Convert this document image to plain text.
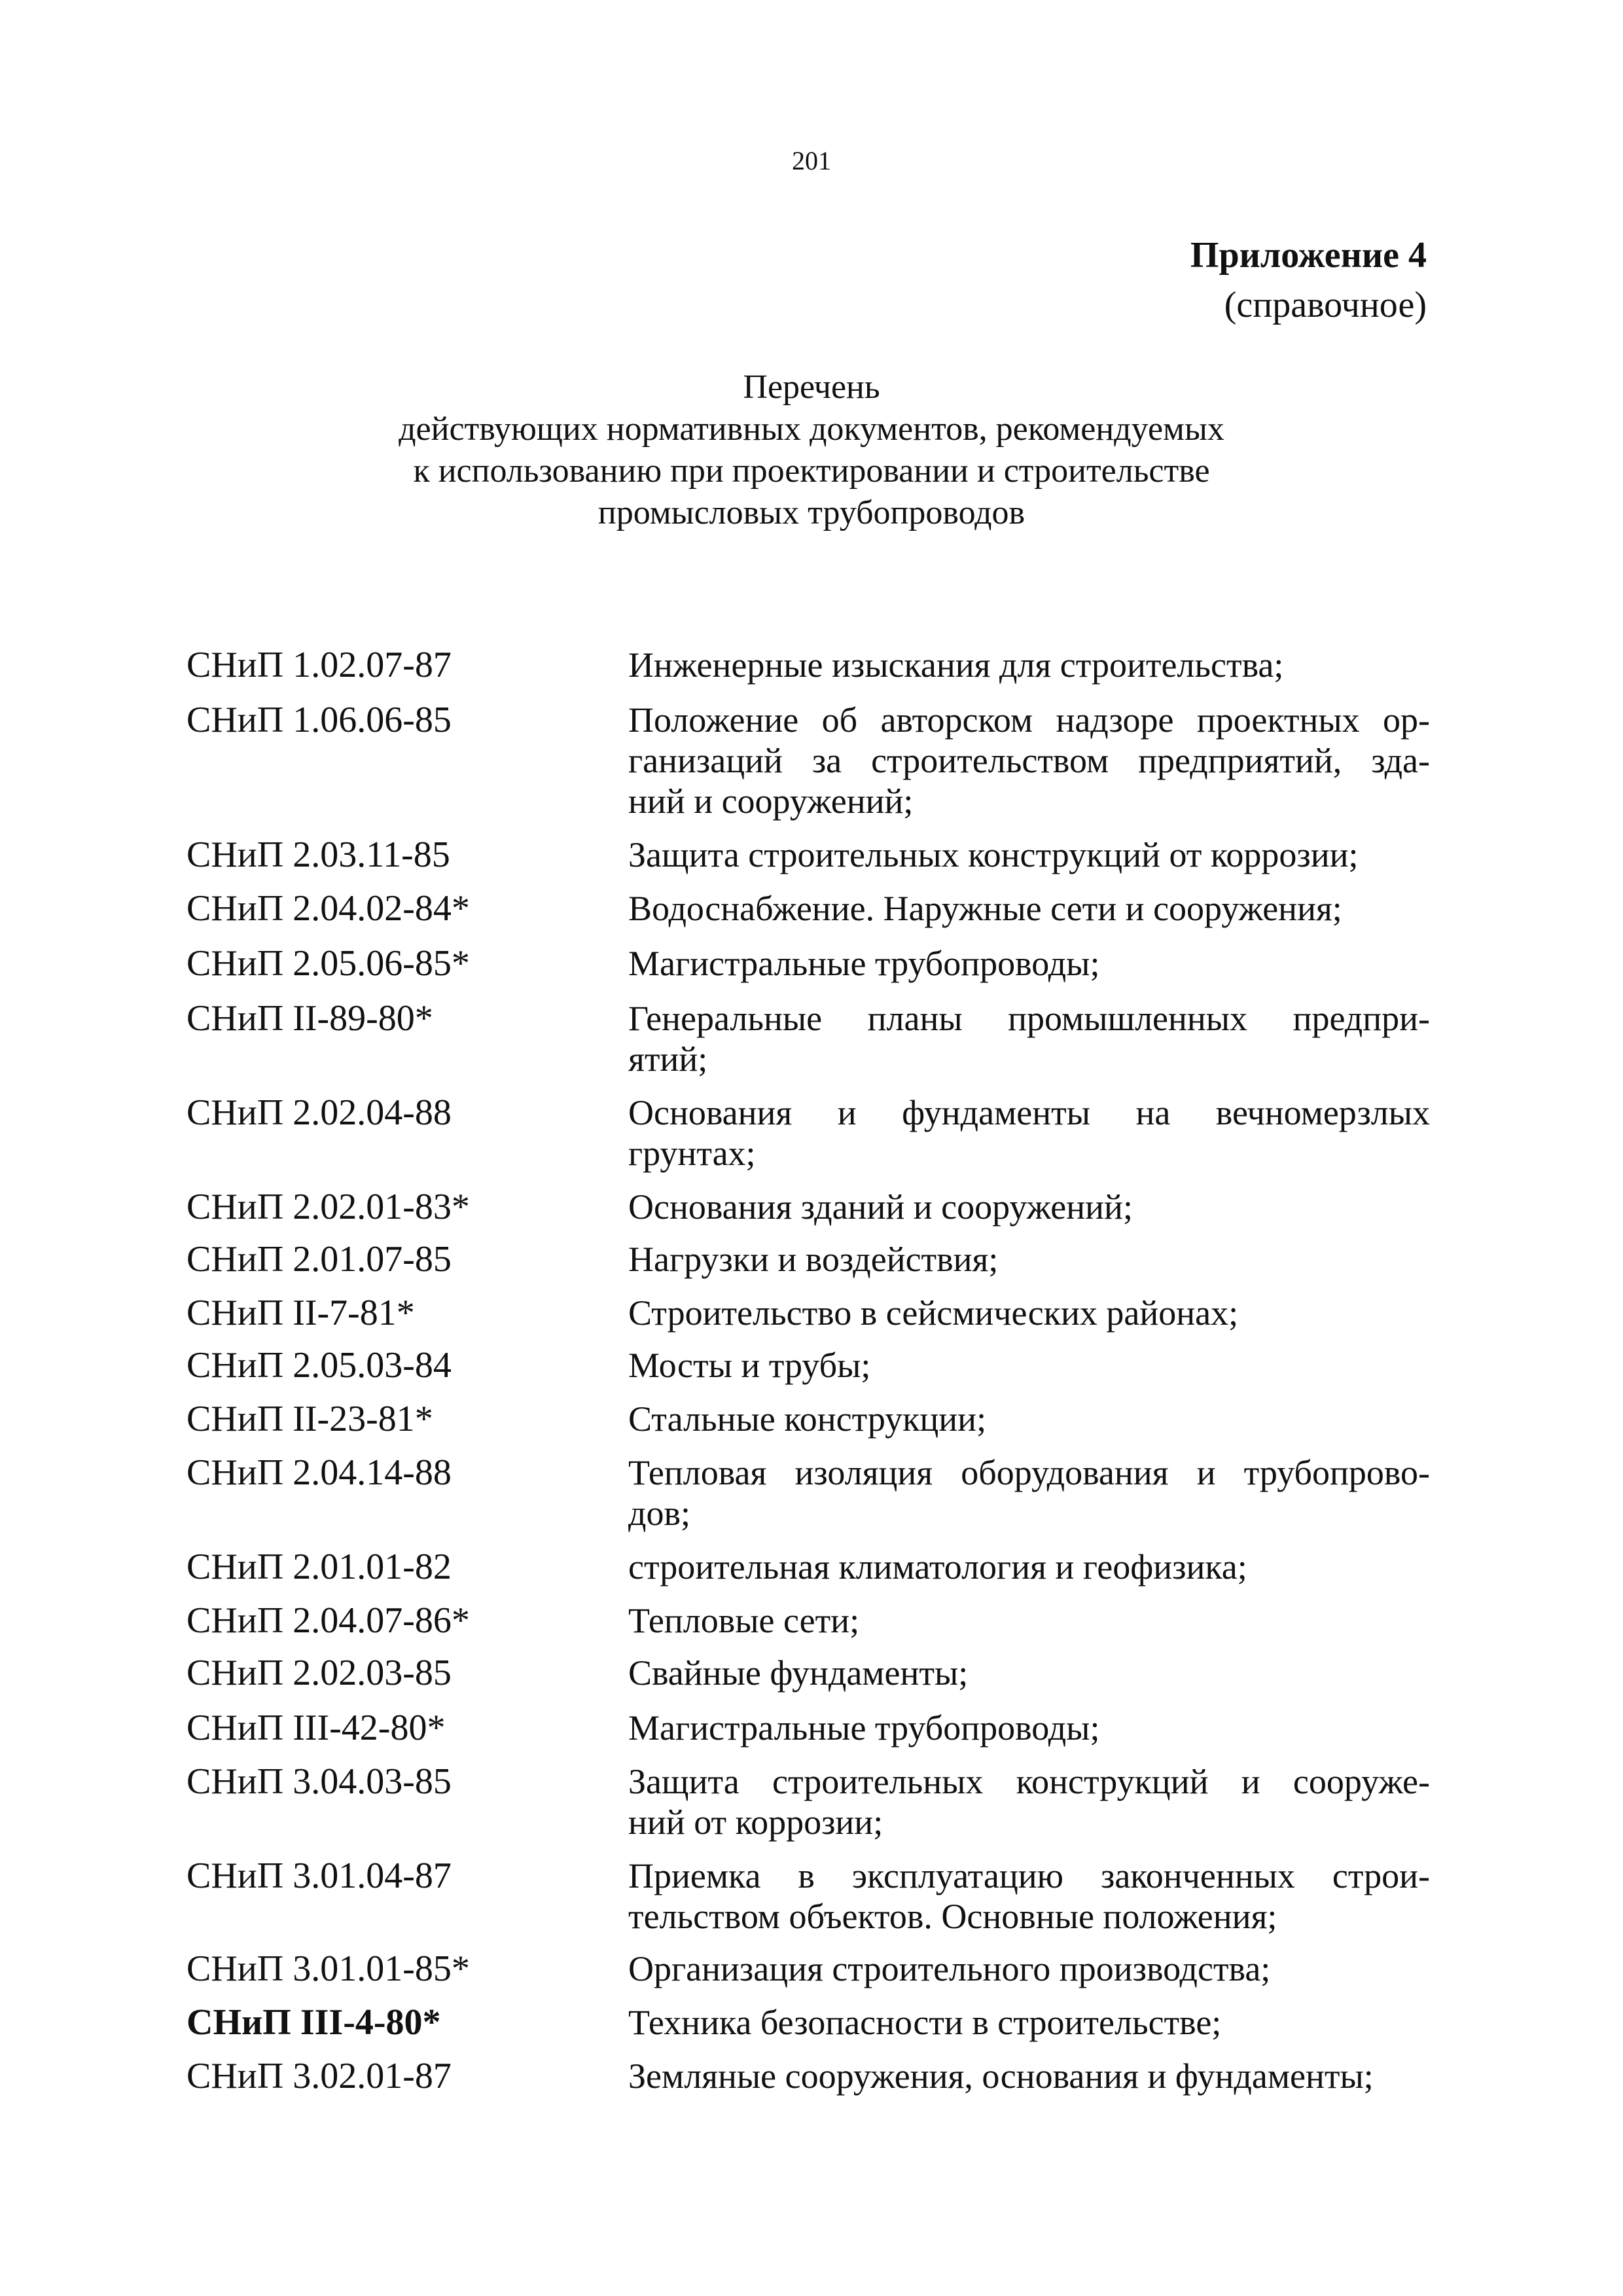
201
Приложение 4
(справочное)
Перечень
действующих нормативных документов, рекомендуемых
к использованию при проектировании и строительстве
промысловых трубопроводов
СНиП 1.02.07-87	Инженерные изыскания для строительства;
СНиП 1.06.06-85	Положение об авторском надзоре проектных ор-
ганизаций за строительством предприятий, зда-
ний и сооружений;
СНиП 2.03.11-85	Защита строительных конструкций от коррозии;
СНиП 2.04.02-84*	Водоснабжение. Наружные сети и сооружения;
СНиП 2.05.06-85*	Магистральные трубопроводы;
СНиП II-89-80*	Генеральные планы промышленных предпри-
ятий;
СНиП 2.02.04-88	Основания и фундаменты на вечномерзлых
грунтах;
СНиП 2.02.01-83*	Основания зданий и сооружений;
СНиП 2.01.07-85	Нагрузки и воздействия;
СНиП II-7-81*	Строительство в сейсмических районах;
СНиП 2.05.03-84	Мосты и трубы;
СНиП II-23-81*	Стальные конструкции;
СНиП 2.04.14-88	Тепловая изоляция оборудования и трубопрово-
дов;
СНиП 2.01.01-82	строительная климатология и геофизика;
СНиП 2.04.07-86*	Тепловые сети;
СНиП 2.02.03-85	Свайные фундаменты;
СНиП III-42-80*	Магистральные трубопроводы;
СНиП 3.04.03-85	Защита строительных конструкций и сооруже-
ний от коррозии;
СНиП 3.01.04-87	Приемка в эксплуатацию законченных строи-
тельством объектов. Основные положения;
СНиП 3.01.01-85*	Организация строительного производства;
СНиП III-4-80*	Техника безопасности в строительстве;
СНиП 3.02.01-87	Земляные сооружения, основания и фундаменты;
